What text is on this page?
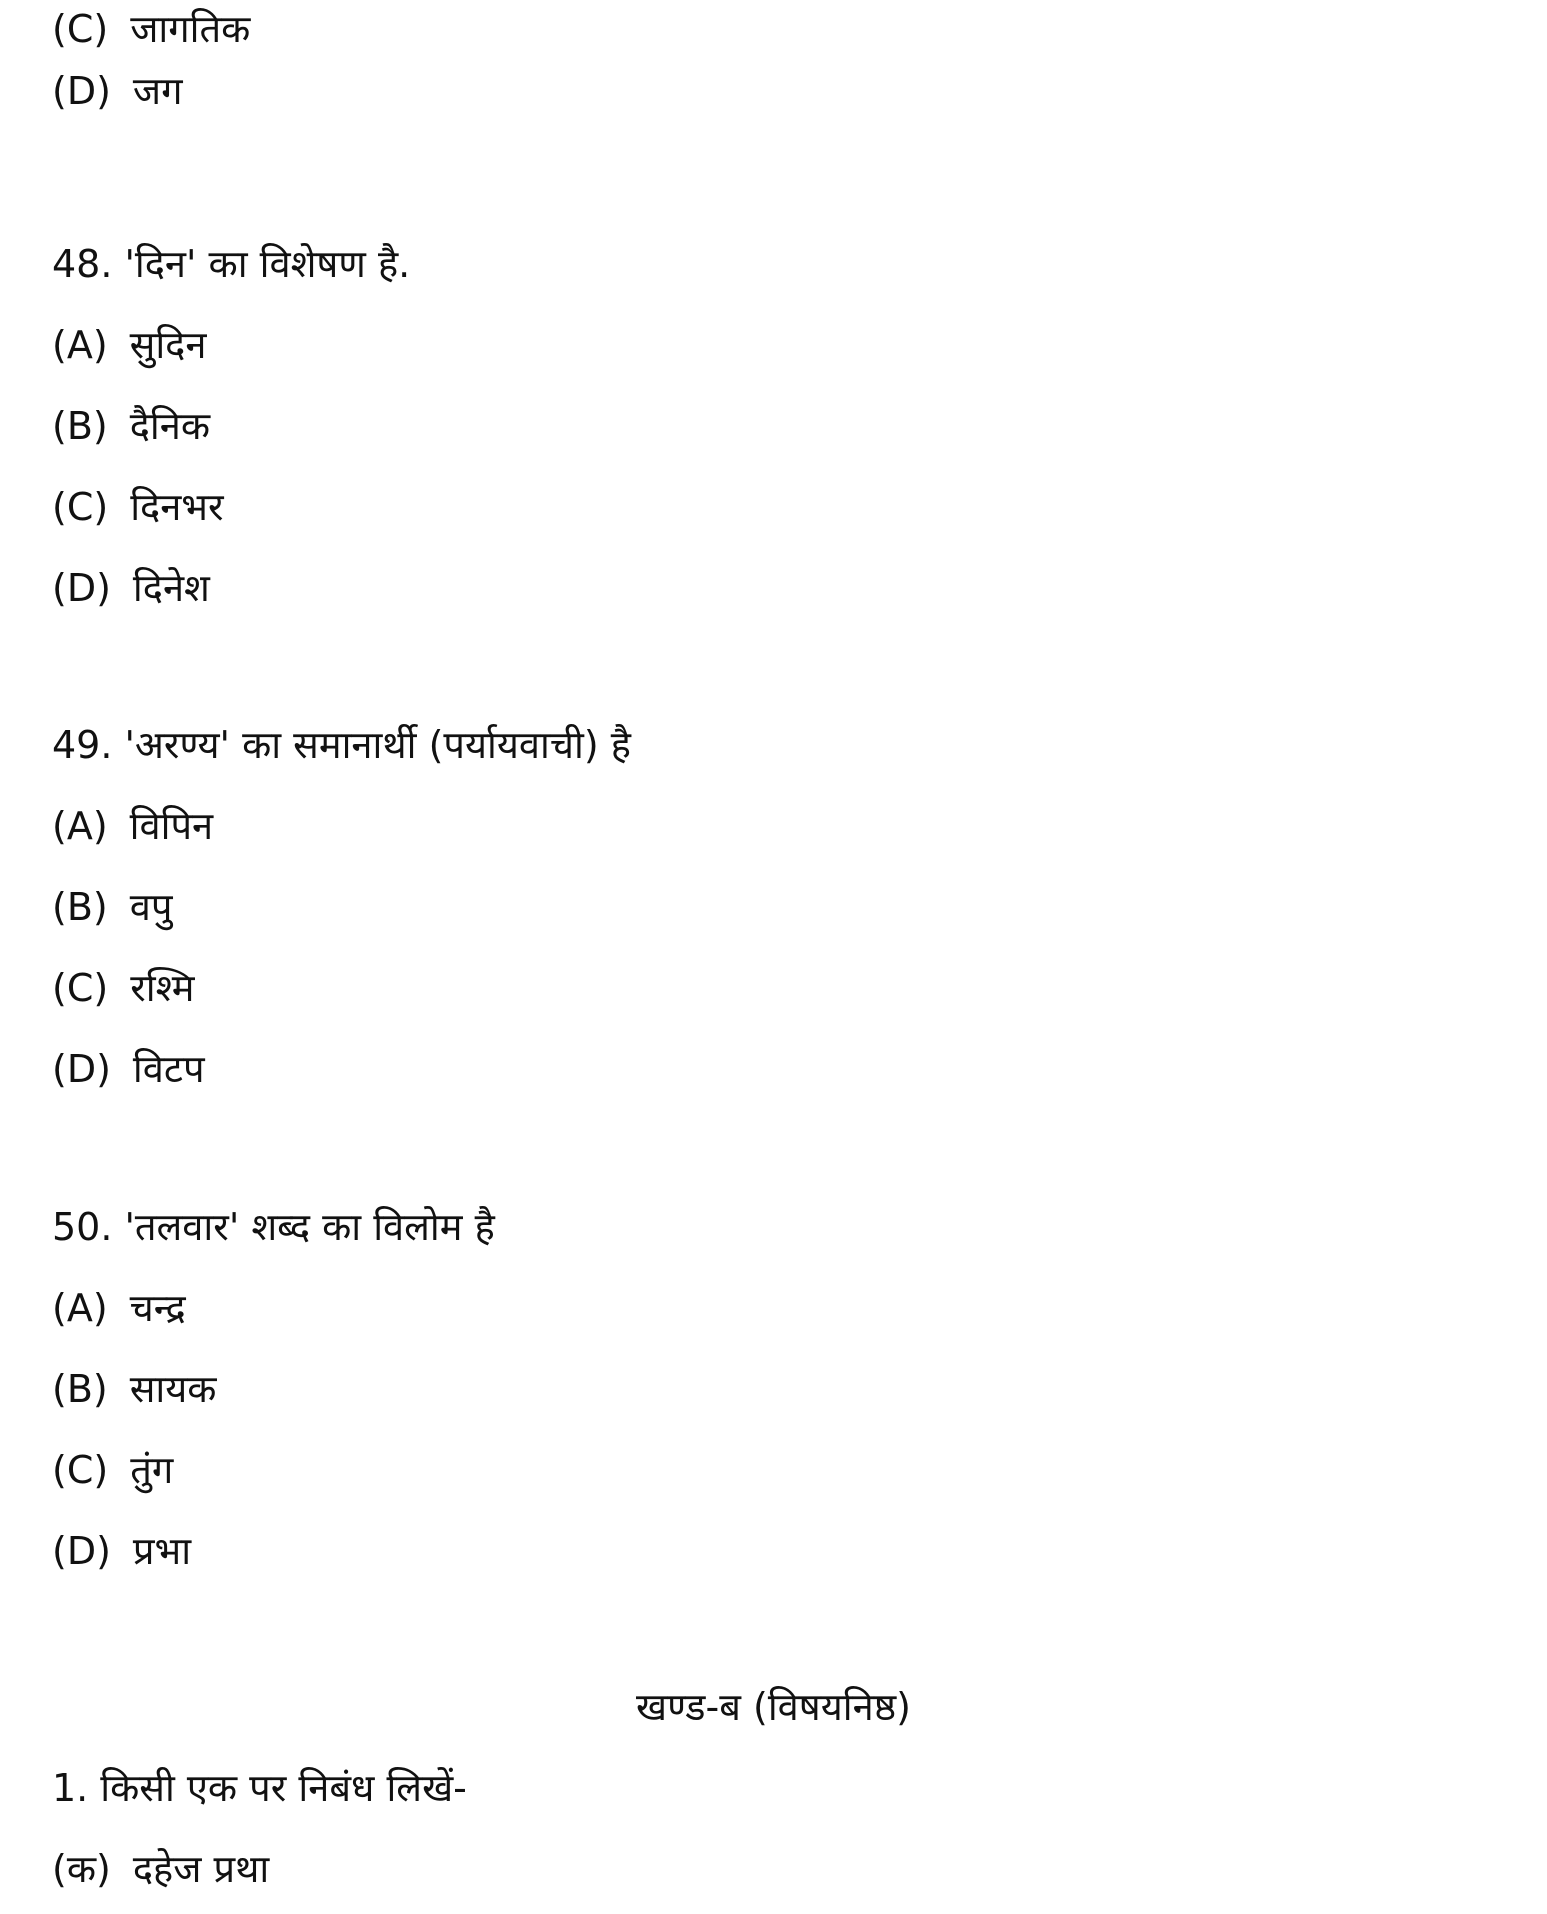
(C) जागतिक
(D) जग
48. 'दिन' का विशेषण है.
(A) सुदिन
(B) दैनिक
(C) दिनभर
(D) दिनेश
49. 'अरण्य' का समानार्थी (पर्यायवाची) है
(A) विपिन
(B) वपु
(C) रश्मि
(D) विटप
50. 'तलवार' शब्द का विलोम है
(A) चन्द्र
(B) सायक
(C) तुंग
(D) प्रभा
खण्ड-ब (विषयनिष्ठ)
1. किसी एक पर निबंध लिखें-
(क) दहेज प्रथा
